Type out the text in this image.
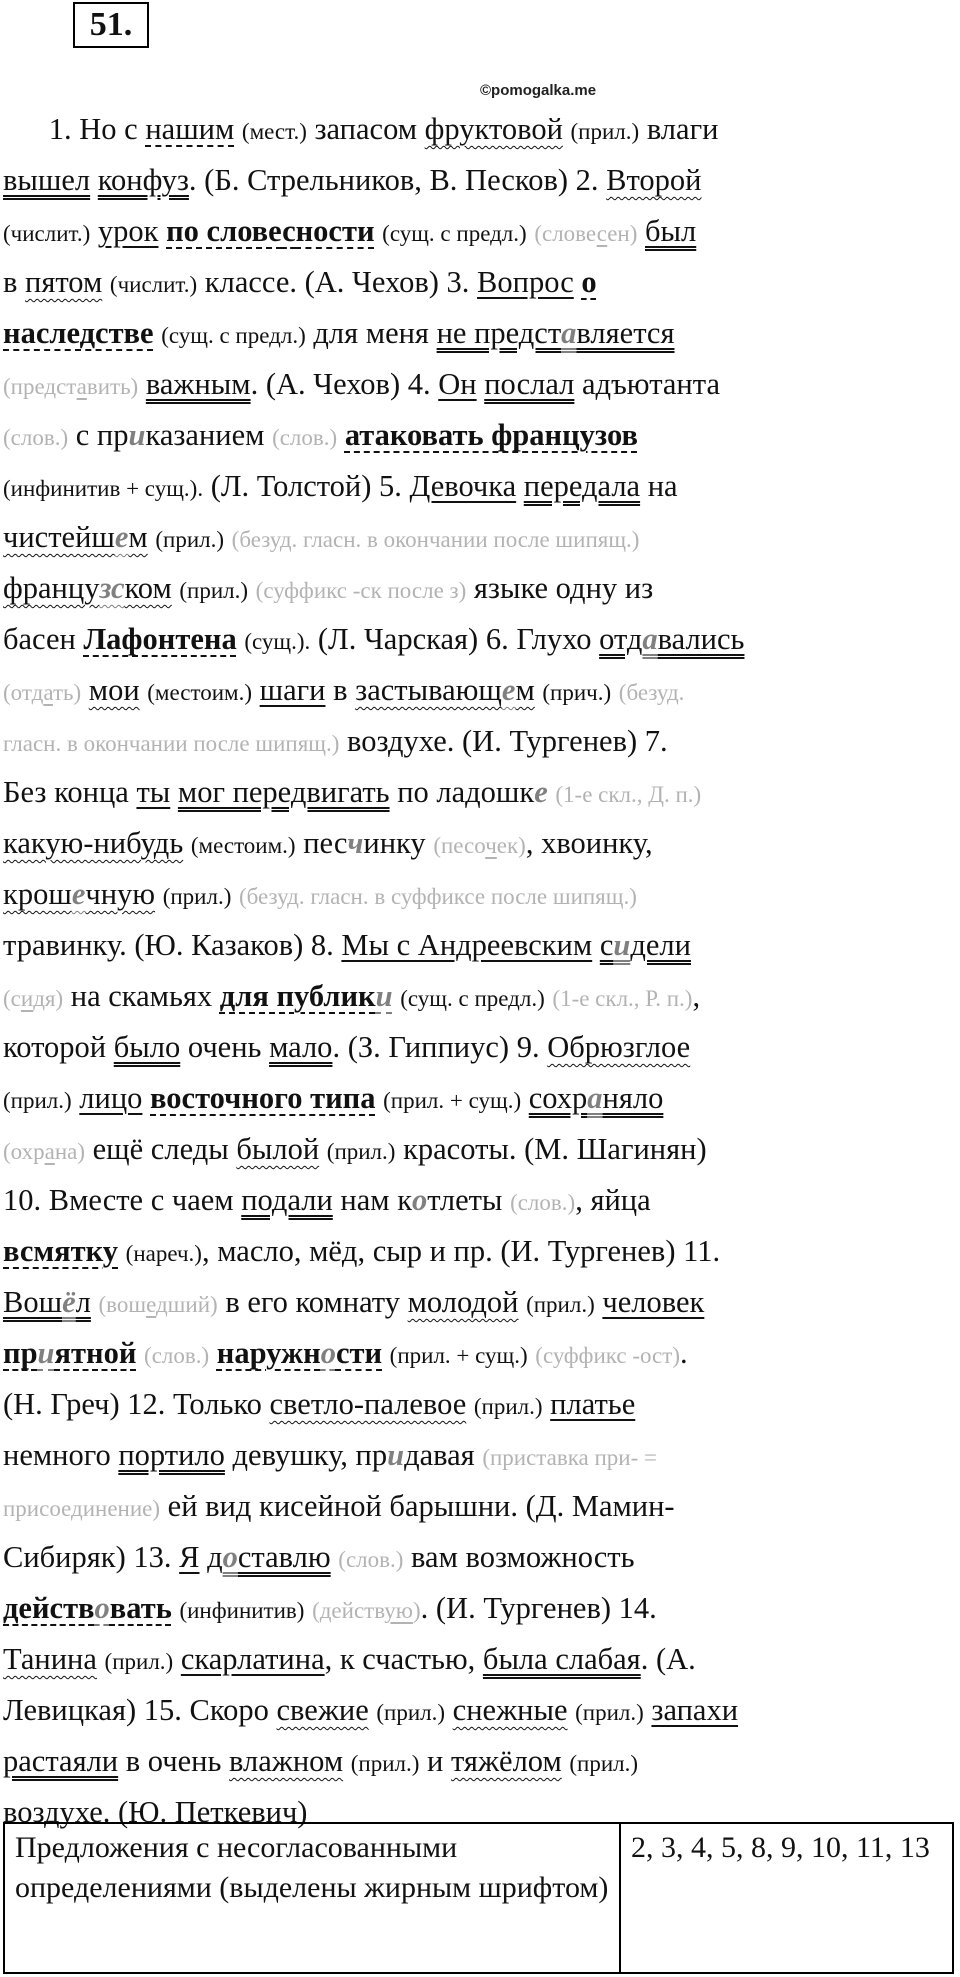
51.
©pomogalka.me
1. Но с нашим (мест.) запасом фруктовой (прил.) влаги
вышел конфуз. (Б. Стрельников, В. Песков) 2. Второй
(числит.) урок по словесности (сущ. с предл.) (словесен) был
в пятом (числит.) классе. (А. Чехов) 3. Вопрос о
наследстве (сущ. с предл.) для меня не представляется
(представить) важным. (А. Чехов) 4. Он послал адъютанта
(слов.) с приказанием (слов.) атаковать французов
(инфинитив + сущ.). (Л. Толстой) 5. Девочка передала на
чистейшем (прил.) (безуд. гласн. в окончании после шипящ.)
французском (прил.) (суффикс -ск после з) языке одну из
басен Лафонтена (сущ.). (Л. Чарская) 6. Глухо отдавались
(отдать) мои (местоим.) шаги в застывающем (прич.) (безуд.
гласн. в окончании после шипящ.) воздухе. (И. Тургенев) 7.
Без конца ты мог передвигать по ладошке (1-е скл., Д. п.)
какую-нибудь (местоим.) песчинку (песочек), хвоинку,
крошечную (прил.) (безуд. гласн. в суффиксе после шипящ.)
травинку. (Ю. Казаков) 8. Мы с Андреевским сидели
(сидя) на скамьях для публики (сущ. с предл.) (1-е скл., Р. п.),
которой было очень мало. (З. Гиппиус) 9. Обрюзглое
(прил.) лицо восточного типа (прил. + сущ.) сохраняло
(охрана) ещё следы былой (прил.) красоты. (М. Шагинян)
10. Вместе с чаем подали нам котлеты (слов.), яйца
всмятку (нареч.), масло, мёд, сыр и пр. (И. Тургенев) 11.
Вошёл (вошедший) в его комнату молодой (прил.) человек
приятной (слов.) наружности (прил. + сущ.) (суффикс -ост).
(Н. Греч) 12. Только светло-палевое (прил.) платье
немного портило девушку, придавая (приставка при- =
присоединение) ей вид кисейной барышни. (Д. Мамин-
Сибиряк) 13. Я доставлю (слов.) вам возможность
действовать (инфинитив) (действую). (И. Тургенев) 14.
Танина (прил.) скарлатина, к счастью, была слабая. (А.
Левицкая) 15. Скоро свежие (прил.) снежные (прил.) запахи
растаяли в очень влажном (прил.) и тяжёлом (прил.)
воздухе. (Ю. Петкевич)
Предложения с несогласованными определениями (выделены жирным шрифтом)	2, 3, 4, 5, 8, 9, 10, 11, 13
